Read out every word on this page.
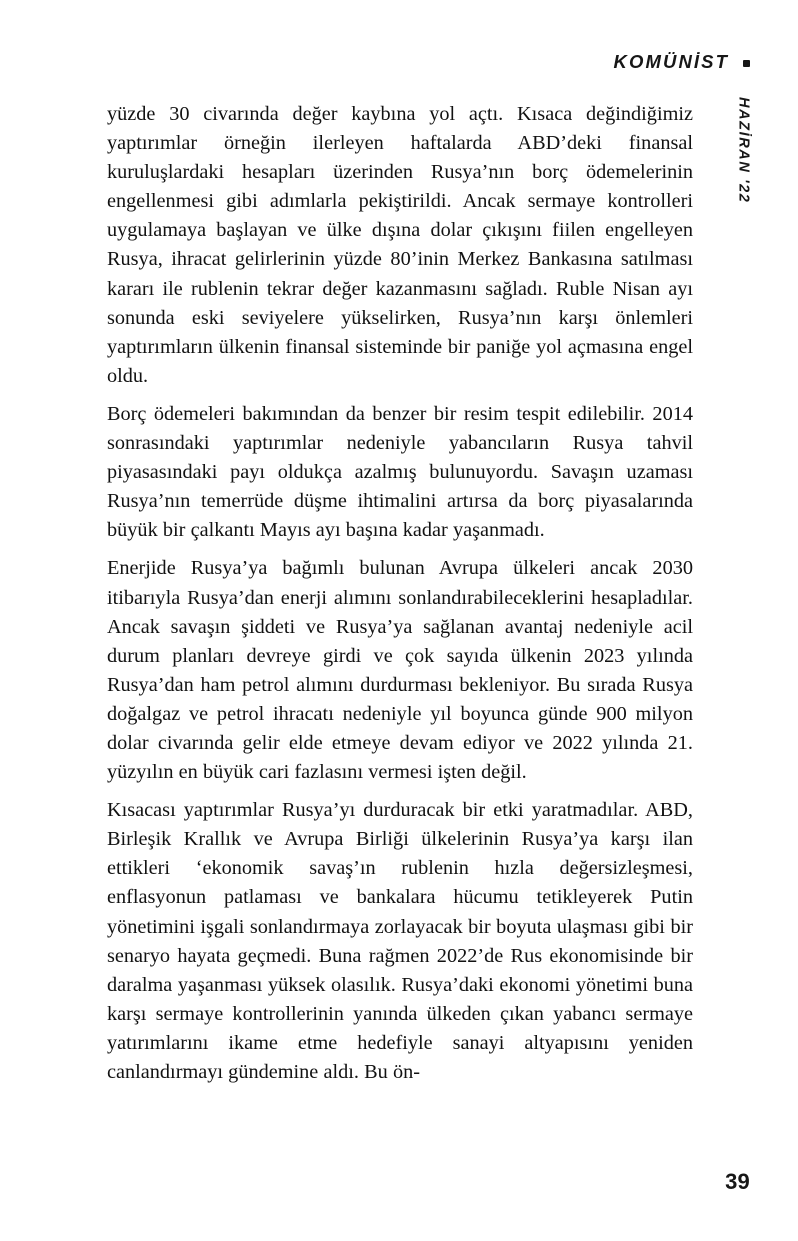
KOMÜNİST
HAZİRAN '22

yüzde 30 civarında değer kaybına yol açtı. Kısaca değindiğimiz yaptırımlar örneğin ilerleyen haftalarda ABD’deki finansal kuruluşlardaki hesapları üzerinden Rusya’nın borç ödemelerinin engellenmesi gibi adımlarla pekiştirildi. Ancak sermaye kontrolleri uygulamaya başlayan ve ülke dışına dolar çıkışını fiilen engelleyen Rusya, ihracat gelirlerinin yüzde 80’inin Merkez Bankasına satılması kararı ile rublenin tekrar değer kazanmasını sağladı. Ruble Nisan ayı sonunda eski seviyelere yükselirken, Rusya’nın karşı önlemleri yaptırımların ülkenin finansal sisteminde bir paniğe yol açmasına engel oldu.

Borç ödemeleri bakımından da benzer bir resim tespit edilebilir. 2014 sonrasındaki yaptırımlar nedeniyle yabancıların Rusya tahvil piyasasındaki payı oldukça azalmış bulunuyordu. Savaşın uzaması Rusya’nın temerrüde düşme ihtimalini artırsa da borç piyasalarında büyük bir çalkantı Mayıs ayı başına kadar yaşanmadı.

Enerjide Rusya’ya bağımlı bulunan Avrupa ülkeleri ancak 2030 itibarıyla Rusya’dan enerji alımını sonlandırabileceklerini hesapladılar. Ancak savaşın şiddeti ve Rusya’ya sağlanan avantaj nedeniyle acil durum planları devreye girdi ve çok sayıda ülkenin 2023 yılında Rusya’dan ham petrol alımını durdurması bekleniyor. Bu sırada Rusya doğalgaz ve petrol ihracatı nedeniyle yıl boyunca günde 900 milyon dolar civarında gelir elde etmeye devam ediyor ve 2022 yılında 21. yüzyılın en büyük cari fazlasını vermesi işten değil.

Kısacası yaptırımlar Rusya’yı durduracak bir etki yaratmadılar. ABD, Birleşik Krallık ve Avrupa Birliği ülkelerinin Rusya’ya karşı ilan ettikleri ‘ekonomik savaş’ın rublenin hızla değersizleşmesi, enflasyonun patlaması ve bankalara hücumu tetikleyerek Putin yönetimini işgali sonlandırmaya zorlayacak bir boyuta ulaşması gibi bir senaryo hayata geçmedi. Buna rağmen 2022’de Rus ekonomisinde bir daralma yaşanması yüksek olasılık. Rusya’daki ekonomi yönetimi buna karşı sermaye kontrollerinin yanında ülkeden çıkan yabancı sermaye yatırımlarını ikame etme hedefiyle sanayi altyapısını yeniden canlandırmayı gündemine aldı. Bu ön-

39
